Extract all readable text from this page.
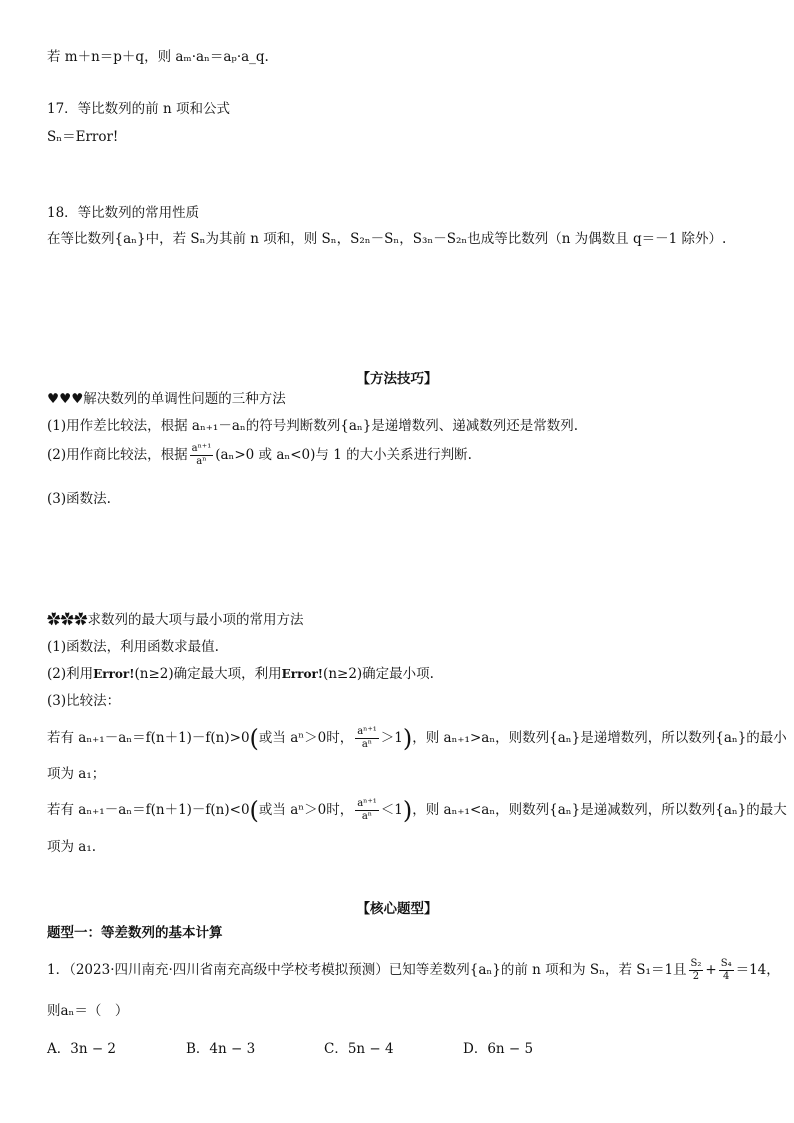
若 m＋n＝p＋q，则 aₘ·aₙ＝aₚ·a_q.
17．等比数列的前 n 项和公式
Sₙ＝Error!
18．等比数列的常用性质
在等比数列{aₙ}中，若 Sₙ为其前 n 项和，则 Sₙ，S₂ₙ－Sₙ，S₃ₙ－S₂ₙ也成等比数列（n 为偶数且 q＝－1 除外）.
【方法技巧】
♥♥♥解决数列的单调性问题的三种方法
(1)用作差比较法，根据 aₙ₊₁－aₙ的符号判断数列{aₙ}是递增数列、递减数列还是常数列.
(2)用作商比较法，根据 $\frac{\text{aⁿ⁺¹}}{\text{aⁿ}} (a_n>0$ 或 aₙ<0)与 1 的大小关系进行判断.
(3)函数法.
✿✿✿求数列的最大项与最小项的常用方法
(1)函数法，利用函数求最值.
(2)利用Error!(n≥2)确定最大项，利用Error!(n≥2)确定最小项.
(3)比较法：
若有 aₙ₊₁－aₙ＝f(n＋1)－f(n)>0(或当 aⁿ＞0时， $\frac{\text{aⁿ⁺¹}}{\text{aⁿ}} >1$)，则 aₙ₊₁>aₙ，则数列{aₙ}是递增数列，所以数列{aₙ}的最小
项为 a₁；
若有 aₙ₊₁－aₙ＝f(n＋1)－f(n)<0(或当 aⁿ＞0时， $\frac{\text{aⁿ⁺¹}}{\text{aⁿ}} <1$)，则 aₙ₊₁<aₙ，则数列{aₙ}是递减数列，所以数列{aₙ}的最大
项为 a₁.
【核心题型】
题型一：等差数列的基本计算
1．（2023·四川南充·四川省南充高级中学校考模拟预测）已知等差数列{aₙ}的前 n 项和为 Sₙ，若 S₁＝1且 $\frac{\text{S₂}}{2} + \frac{\text{S₄}}{4} =14$，
则aₙ＝（　）
A．3n − 2	B．4n − 3	C．5n − 4	D．6n − 5
